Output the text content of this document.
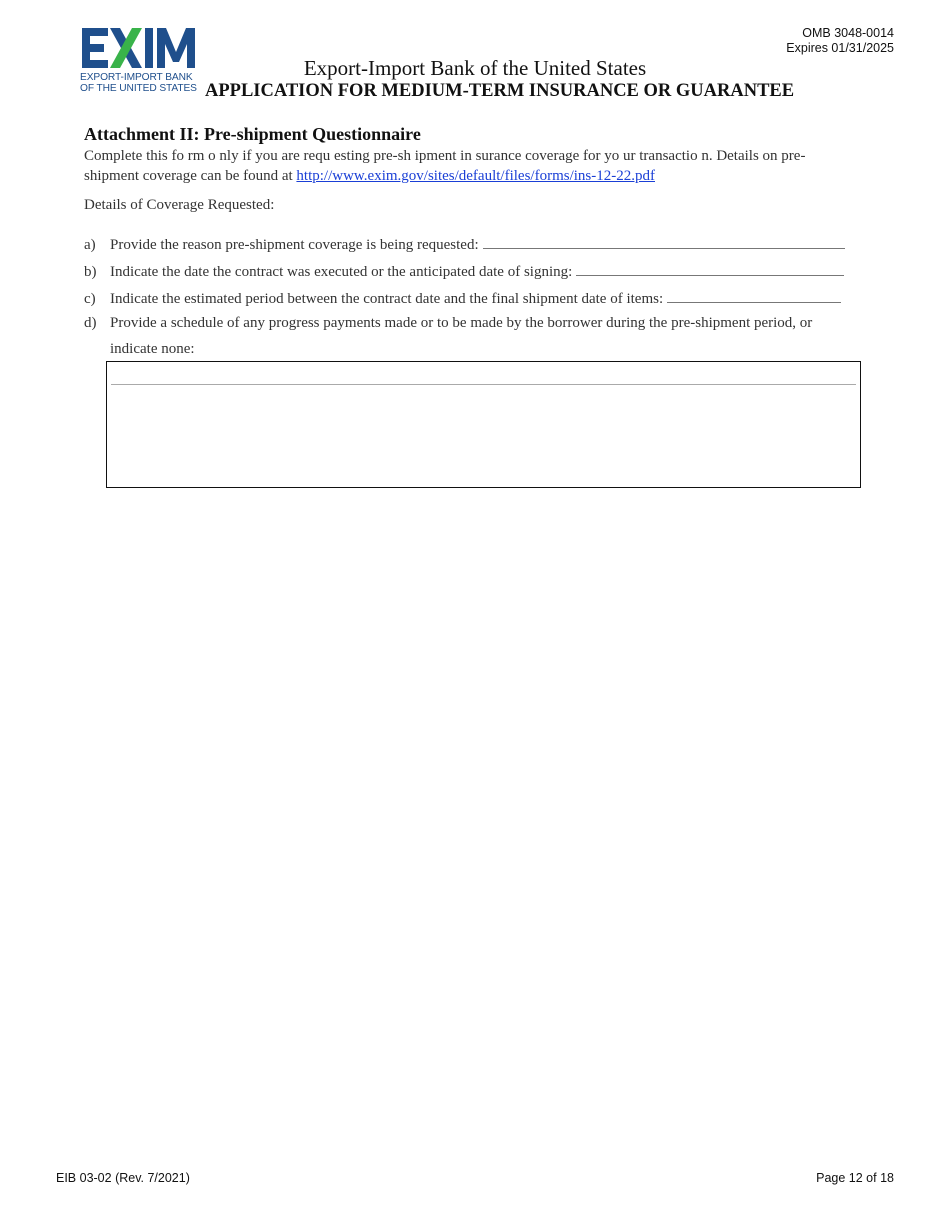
OMB 3048-0014
Expires 01/31/2025
EXPORT-IMPORT BANK
OF THE UNITED STATES
Export-Import Bank of the United States
APPLICATION FOR MEDIUM-TERM INSURANCE OR GUARANTEE
Attachment II: Pre-shipment Questionnaire
Complete this fo rm o nly if you are requ esting pre-sh ipment in surance coverage for yo ur transactio n. Details on pre-shipment coverage can be found at http://www.exim.gov/sites/default/files/forms/ins-12-22.pdf
Details of Coverage Requested:
a) Provide the reason pre-shipment coverage is being requested:
b) Indicate the date the contract was executed or the anticipated date of signing:
c) Indicate the estimated period between the contract date and the final shipment date of items:
d) Provide a schedule of any progress payments made or to be made by the borrower during the pre-shipment period, or
indicate none:
EIB 03-02 (Rev. 7/2021)	Page 12 of 18
